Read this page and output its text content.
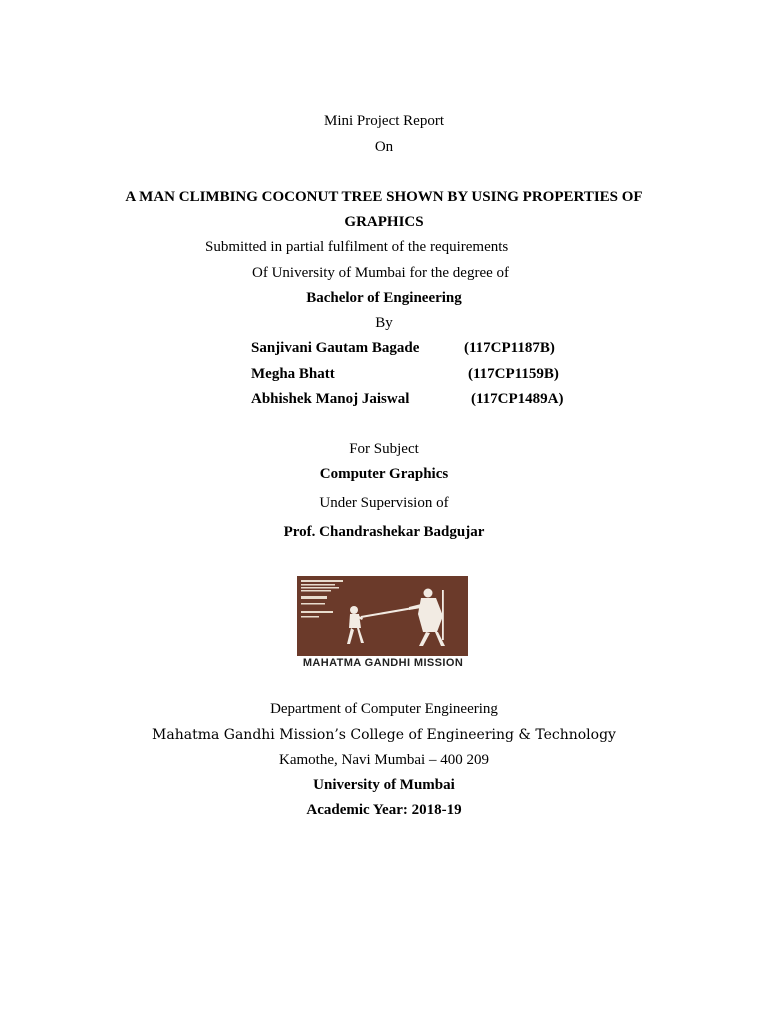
Mini Project Report
On
A MAN CLIMBING COCONUT TREE SHOWN BY USING PROPERTIES OF
GRAPHICS
Submitted in partial fulfilment of the requirements
Of University of Mumbai for the degree of
Bachelor of Engineering
By
Sanjivani Gautam Bagade	(117CP1187B)
Megha Bhatt	(117CP1159B)
Abhishek Manoj Jaiswal	(117CP1489A)
For Subject
Computer Graphics
Under Supervision of
Prof. Chandrashekar Badgujar
MAHATMA GANDHI MISSION
Department of Computer Engineering
Mahatma Gandhi Mission’s College of Engineering & Technology
Kamothe, Navi Mumbai – 400 209
University of Mumbai
Academic Year: 2018-19
